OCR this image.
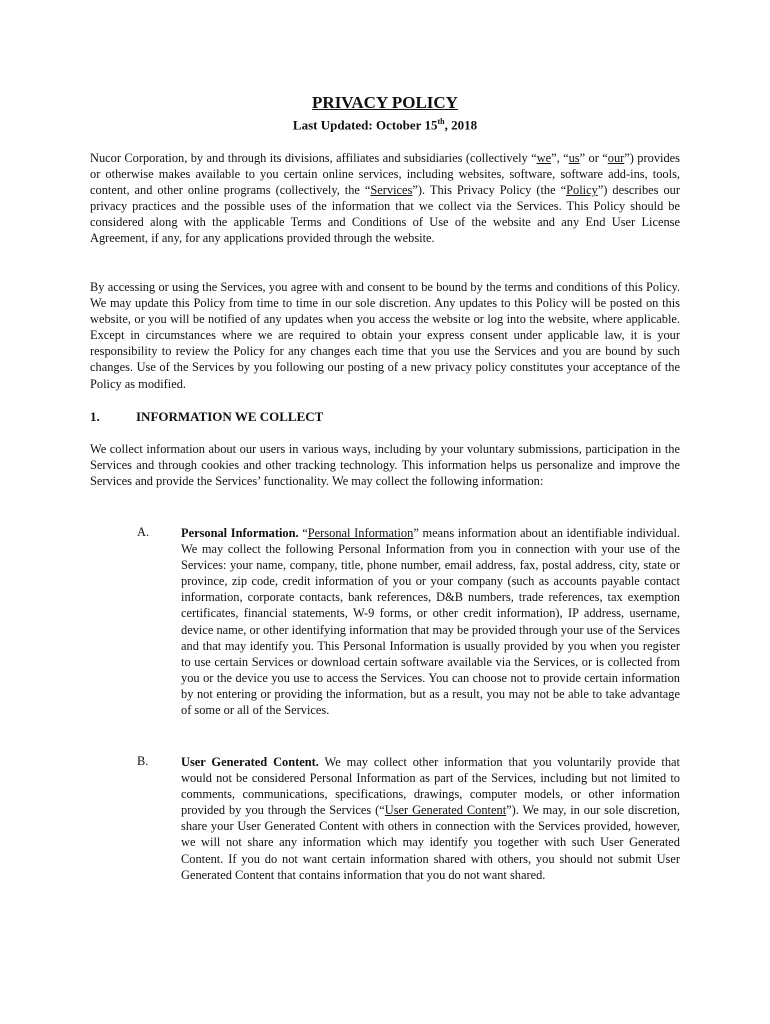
PRIVACY POLICY
Last Updated: October 15th, 2018

Nucor Corporation, by and through its divisions, affiliates and subsidiaries (collectively “we”, “us” or “our”) provides or otherwise makes available to you certain online services, including websites, software, software add-ins, tools, content, and other online programs (collectively, the “Services”). This Privacy Policy (the “Policy”) describes our privacy practices and the possible uses of the information that we collect via the Services. This Policy should be considered along with the applicable Terms and Conditions of Use of the website and any End User License Agreement, if any, for any applications provided through the website.

By accessing or using the Services, you agree with and consent to be bound by the terms and conditions of this Policy. We may update this Policy from time to time in our sole discretion. Any updates to this Policy will be posted on this website, or you will be notified of any updates when you access the website or log into the website, where applicable. Except in circumstances where we are required to obtain your express consent under applicable law, it is your responsibility to review the Policy for any changes each time that you use the Services and you are bound by such changes. Use of the Services by you following our posting of a new privacy policy constitutes your acceptance of the Policy as modified.

1.	INFORMATION WE COLLECT

We collect information about our users in various ways, including by your voluntary submissions, participation in the Services and through cookies and other tracking technology. This information helps us personalize and improve the Services and provide the Services’ functionality. We may collect the following information:

A.	Personal Information. “Personal Information” means information about an identifiable individual. We may collect the following Personal Information from you in connection with your use of the Services: your name, company, title, phone number, email address, fax, postal address, city, state or province, zip code, credit information of you or your company (such as accounts payable contact information, corporate contacts, bank references, D&B numbers, trade references, tax exemption certificates, financial statements, W-9 forms, or other credit information), IP address, username, device name, or other identifying information that may be provided through your use of the Services and that may identify you. This Personal Information is usually provided by you when you register to use certain Services or download certain software available via the Services, or is collected from you or the device you use to access the Services. You can choose not to provide certain information by not entering or providing the information, but as a result, you may not be able to take advantage of some or all of the Services.

B.	User Generated Content. We may collect other information that you voluntarily provide that would not be considered Personal Information as part of the Services, including but not limited to comments, communications, specifications, drawings, computer models, or other information provided by you through the Services (“User Generated Content”). We may, in our sole discretion, share your User Generated Content with others in connection with the Services provided, however, we will not share any information which may identify you together with such User Generated Content. If you do not want certain information shared with others, you should not submit User Generated Content that contains information that you do not want shared.
